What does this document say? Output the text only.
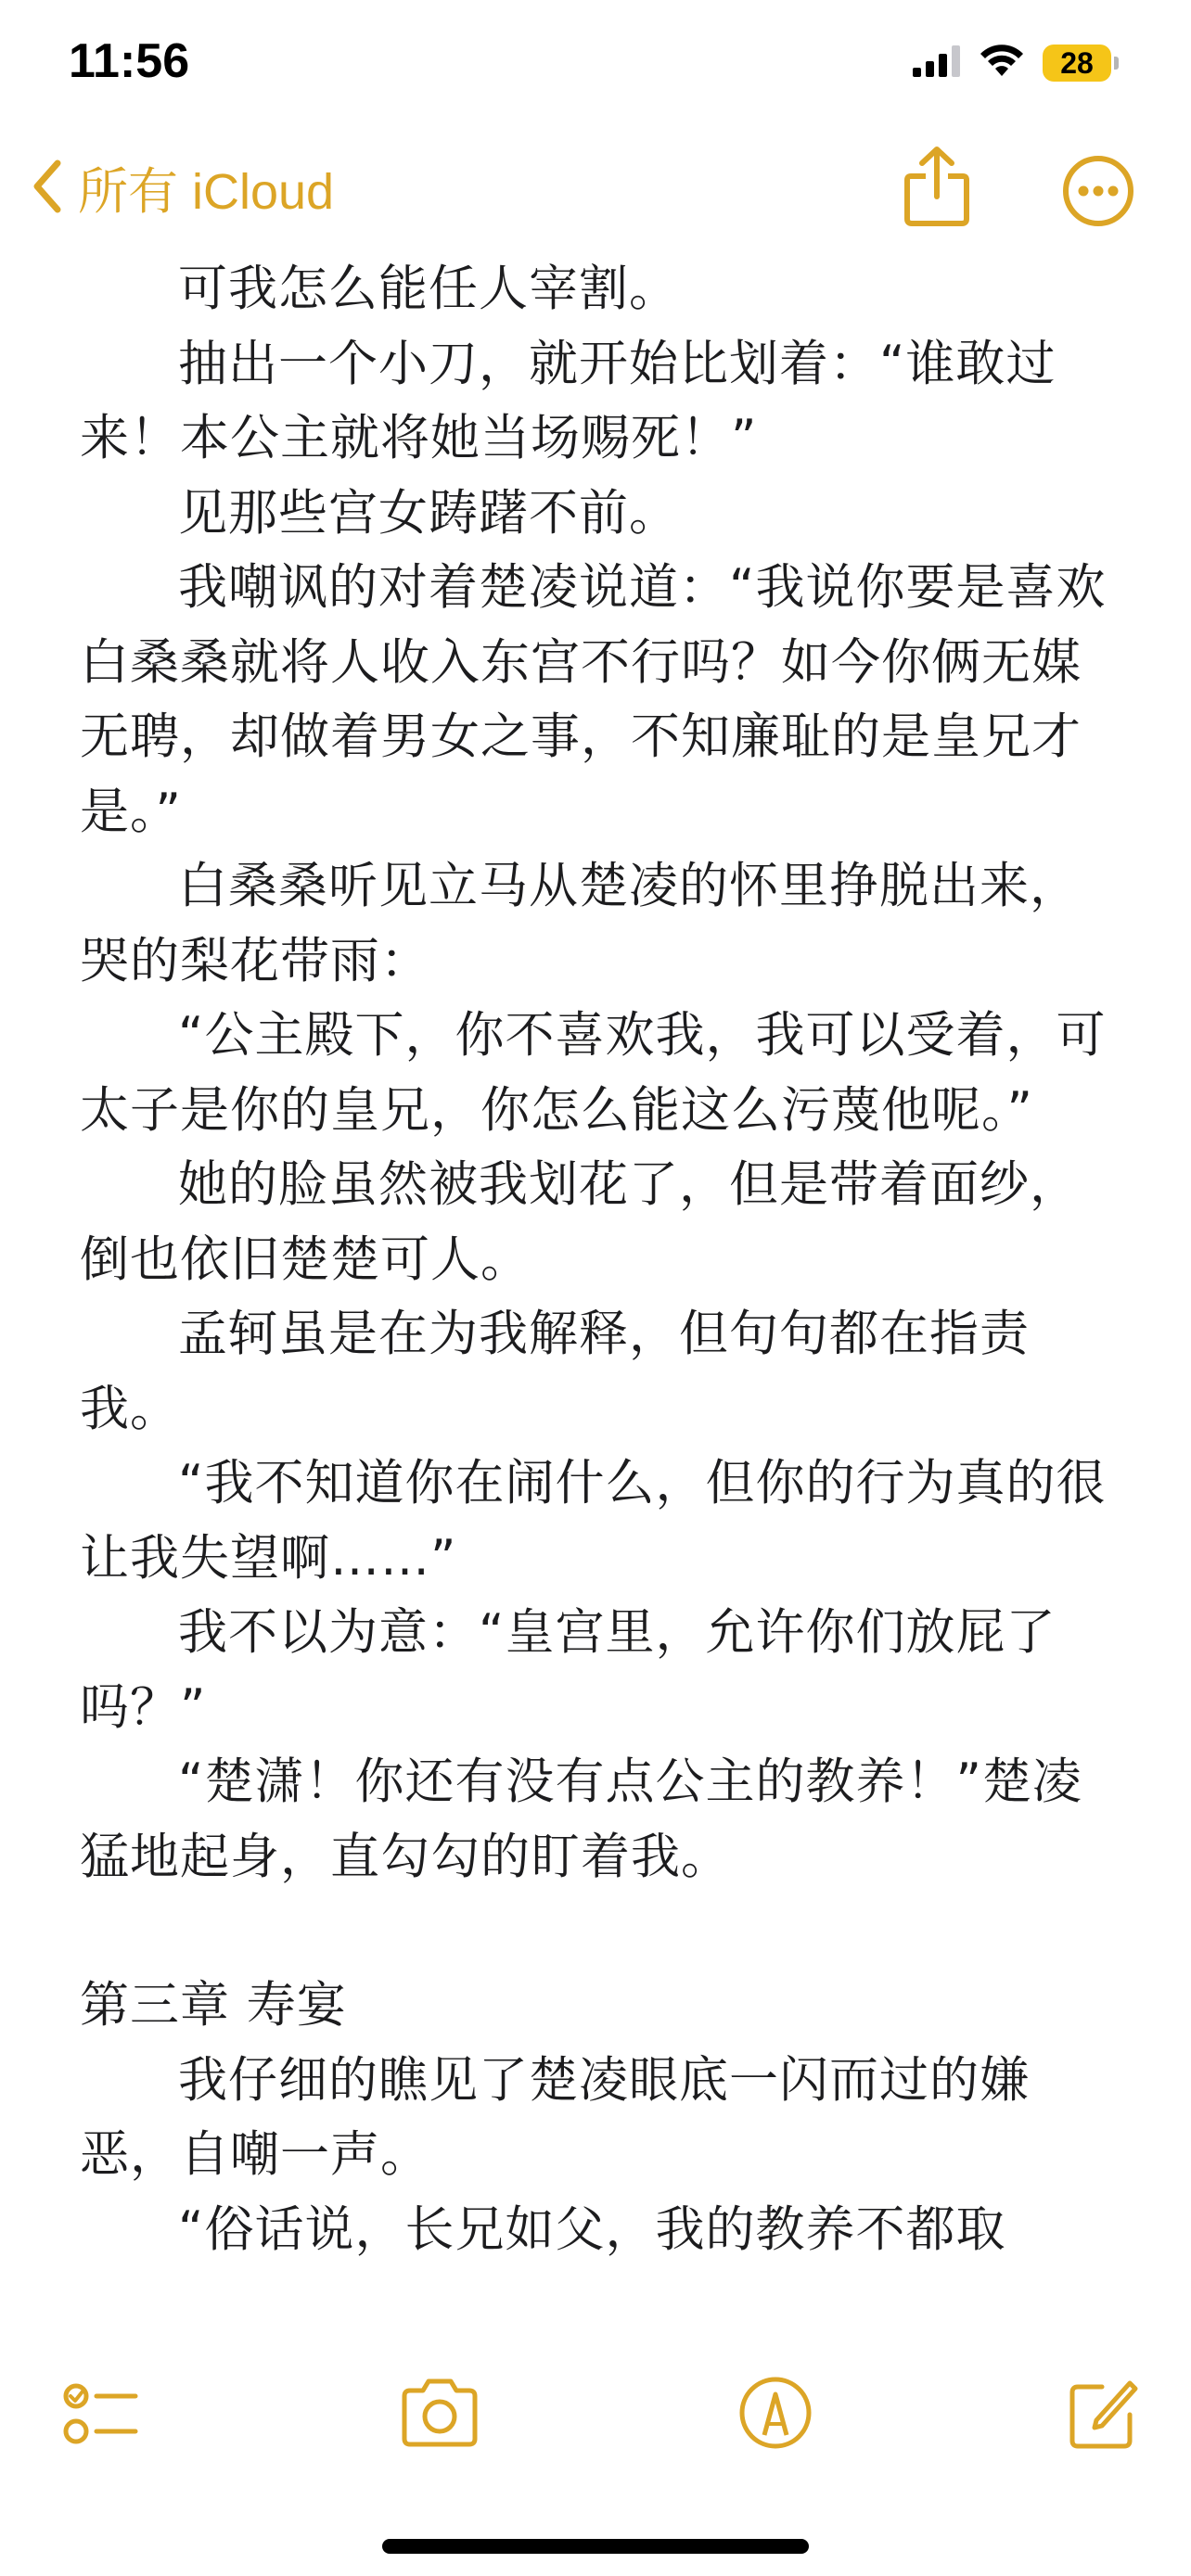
11:56	28
所有 iCloud

可我怎么能任人宰割。

抽出一个小刀，就开始比划着：“谁敢过来！本公主就将她当场赐死！”

见那些宫女踌躇不前。

我嘲讽的对着楚凌说道：“我说你要是喜欢白桑桑就将人收入东宫不行吗？如今你俩无媒无聘，却做着男女之事，不知廉耻的是皇兄才是。”

白桑桑听见立马从楚凌的怀里挣脱出来，哭的梨花带雨：

“公主殿下，你不喜欢我，我可以受着，可太子是你的皇兄，你怎么能这么污蔑他呢。”

她的脸虽然被我划花了，但是带着面纱，倒也依旧楚楚可人。

孟轲虽是在为我解释，但句句都在指责我。

“我不知道你在闹什么，但你的行为真的很让我失望啊……”

我不以为意：“皇宫里，允许你们放屁了吗？”

“楚潇！你还有没有点公主的教养！”楚凌猛地起身，直勾勾的盯着我。

第三章 寿宴

我仔细的瞧见了楚凌眼底一闪而过的嫌恶，自嘲一声。

“俗话说，长兄如父，我的教养不都取
